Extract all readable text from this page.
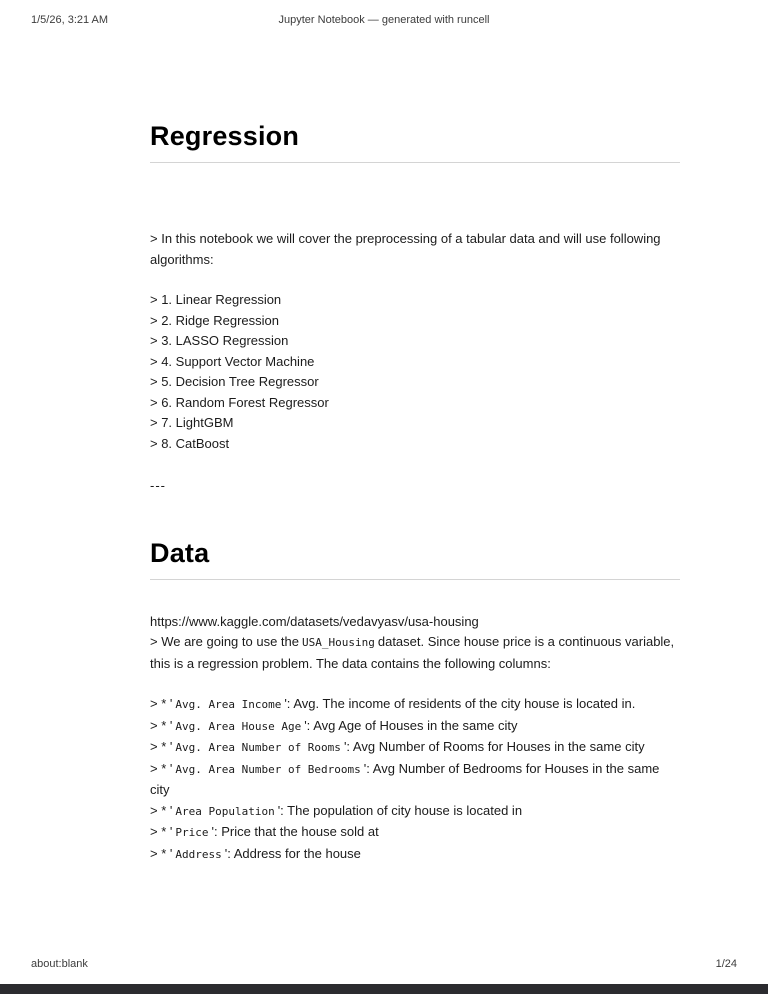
1/5/26, 3:21 AM	Jupyter Notebook — generated with runcell
Regression

> In this notebook we will cover the preprocessing of a tabular data and will use following algorithms:

> 1. Linear Regression
> 2. Ridge Regression
> 3. LASSO Regression
> 4. Support Vector Machine
> 5. Decision Tree Regressor
> 6. Random Forest Regressor
> 7. LightGBM
> 8. CatBoost

---

Data

https://www.kaggle.com/datasets/vedavyasv/usa-housing

> We are going to use the USA_Housing dataset. Since house price is a continuous variable, this is a regression problem. The data contains the following columns:

> * ' Avg. Area Income ': Avg. The income of residents of the city house is located in.
> * ' Avg. Area House Age ': Avg Age of Houses in the same city
> * ' Avg. Area Number of Rooms ': Avg Number of Rooms for Houses in the same city
> * ' Avg. Area Number of Bedrooms ': Avg Number of Bedrooms for Houses in the same city
> * ' Area Population ': The population of city house is located in
> * ' Price ': Price that the house sold at
> * ' Address ': Address for the house
about:blank	1/24
